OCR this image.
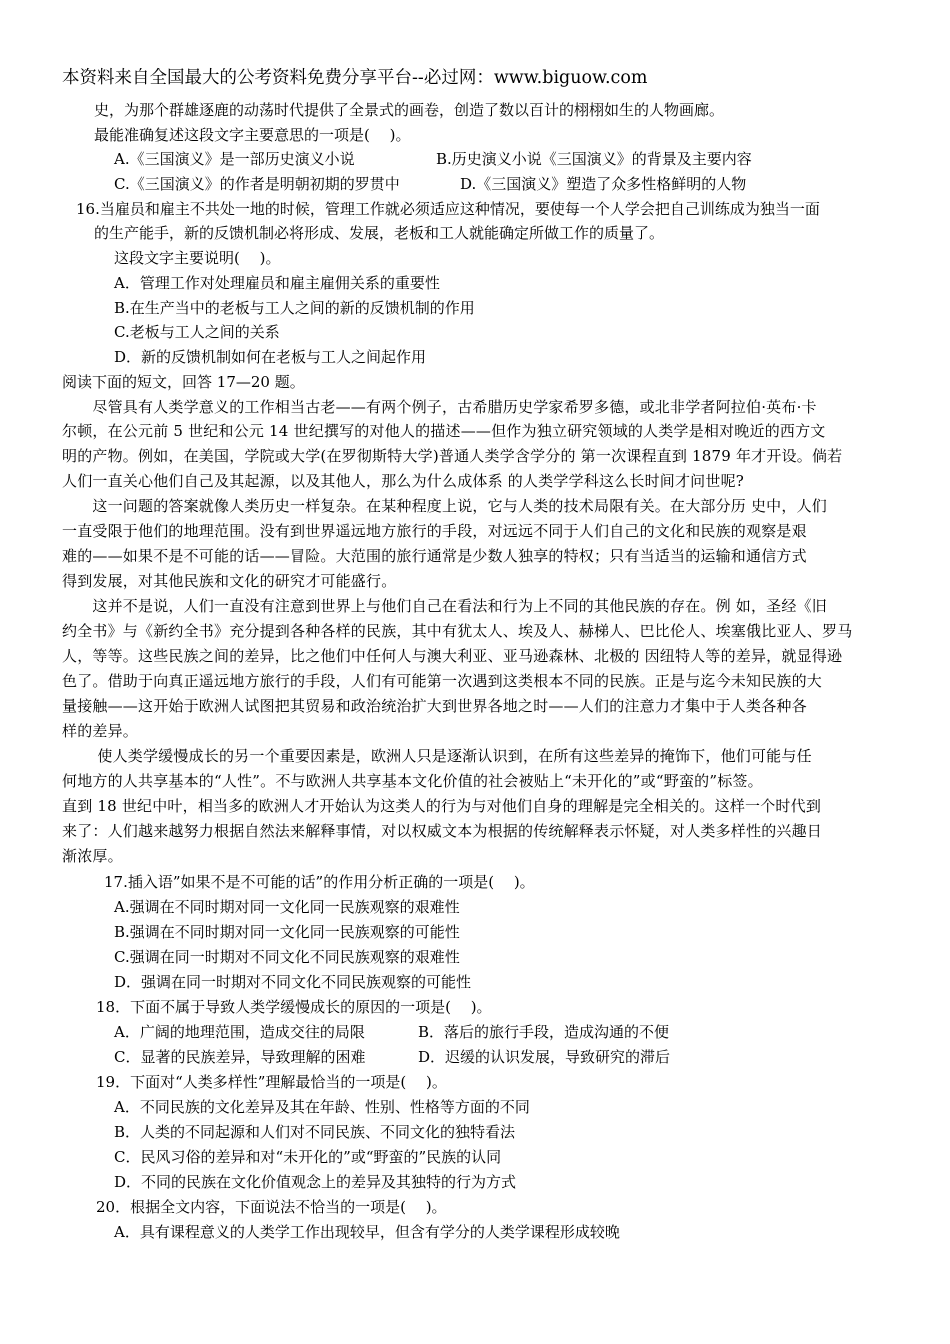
本资料来自全国最大的公考资料免费分享平台--必过网：www.biguow.com
史，为那个群雄逐鹿的动荡时代提供了全景式的画卷，创造了数以百计的栩栩如生的人物画廊。
最能准确复述这段文字主要意思的一项是(　 )。
A.《三国演义》是一部历史演义小说	B.历史演义小说《三国演义》的背景及主要内容
C.《三国演义》的作者是明朝初期的罗贯中	D.《三国演义》塑造了众多性格鲜明的人物
16.当雇员和雇主不共处一地的时候，管理工作就必须适应这种情况，要使每一个人学会把自己训练成为独当一面
的生产能手，新的反馈机制必将形成、发展，老板和工人就能确定所做工作的质量了。
这段文字主要说明(　 )。
A．管理工作对处理雇员和雇主雇佣关系的重要性
B.在生产当中的老板与工人之间的新的反馈机制的作用
C.老板与工人之间的关系
D．新的反馈机制如何在老板与工人之间起作用
阅读下面的短文，回答 17—20 题。
　　尽管具有人类学意义的工作相当古老——有两个例子，古希腊历史学家希罗多德，或北非学者阿拉伯·英布·卡
尔顿，在公元前 5 世纪和公元 14 世纪撰写的对他人的描述——但作为独立研究领域的人类学是相对晚近的西方文
明的产物。例如，在美国，学院或大学(在罗彻斯特大学)普通人类学含学分的 第一次课程直到 1879 年才开设。倘若
人们一直关心他们自己及其起源，以及其他人，那么为什么成体系 的人类学学科这么长时间才问世呢?
　　这一问题的答案就像人类历史一样复杂。在某种程度上说，它与人类的技术局限有关。在大部分历 史中，人们
一直受限于他们的地理范围。没有到世界遥远地方旅行的手段，对远远不同于人们自己的文化和民族的观察是艰
难的——如果不是不可能的话——冒险。大范围的旅行通常是少数人独享的特权；只有当适当的运输和通信方式
得到发展，对其他民族和文化的研究才可能盛行。
　　这并不是说，人们一直没有注意到世界上与他们自己在看法和行为上不同的其他民族的存在。例 如，圣经《旧
约全书》与《新约全书》充分提到各种各样的民族，其中有犹太人、埃及人、赫梯人、巴比伦人、埃塞俄比亚人、罗马
人，等等。这些民族之间的差异，比之他们中任何人与澳大利亚、亚马逊森林、北极的 因纽特人等的差异，就显得逊
色了。借助于向真正遥远地方旅行的手段，人们有可能第一次遇到这类根本不同的民族。正是与迄今未知民族的大
量接触——这开始于欧洲人试图把其贸易和政治统治扩大到世界各地之时——人们的注意力才集中于人类各种各
样的差异。
　　 使人类学缓慢成长的另一个重要因素是，欧洲人只是逐渐认识到，在所有这些差异的掩饰下，他们可能与任
何地方的人共享基本的“人性”。不与欧洲人共享基本文化价值的社会被贴上“未开化的”或“野蛮的”标签。
直到 18 世纪中叶，相当多的欧洲人才开始认为这类人的行为与对他们自身的理解是完全相关的。这样一个时代到
来了：人们越来越努力根据自然法来解释事情，对以权威文本为根据的传统解释表示怀疑，对人类多样性的兴趣日
渐浓厚。
17.插入语”如果不是不可能的话”的作用分析正确的一项是(　 )。
A.强调在不同时期对同一文化同一民族观察的艰难性
B.强调在不同时期对同一文化同一民族观察的可能性
C.强调在同一时期对不同文化不同民族观察的艰难性
D．强调在同一时期对不同文化不同民族观察的可能性
18．下面不属于导致人类学缓慢成长的原因的一项是(　 )。
A．广阔的地理范围，造成交往的局限	B．落后的旅行手段，造成沟通的不便
C．显著的民族差异，导致理解的困难	D．迟缓的认识发展，导致研究的滞后
19．下面对“人类多样性”理解最恰当的一项是(　 )。
A．不同民族的文化差异及其在年龄、性别、性格等方面的不同
B．人类的不同起源和人们对不同民族、不同文化的独特看法
C．民风习俗的差异和对“未开化的”或“野蛮的”民族的认同
D．不同的民族在文化价值观念上的差异及其独特的行为方式
20．根据全文内容，下面说法不恰当的一项是(　 )。
A．具有课程意义的人类学工作出现较早，但含有学分的人类学课程形成较晚
